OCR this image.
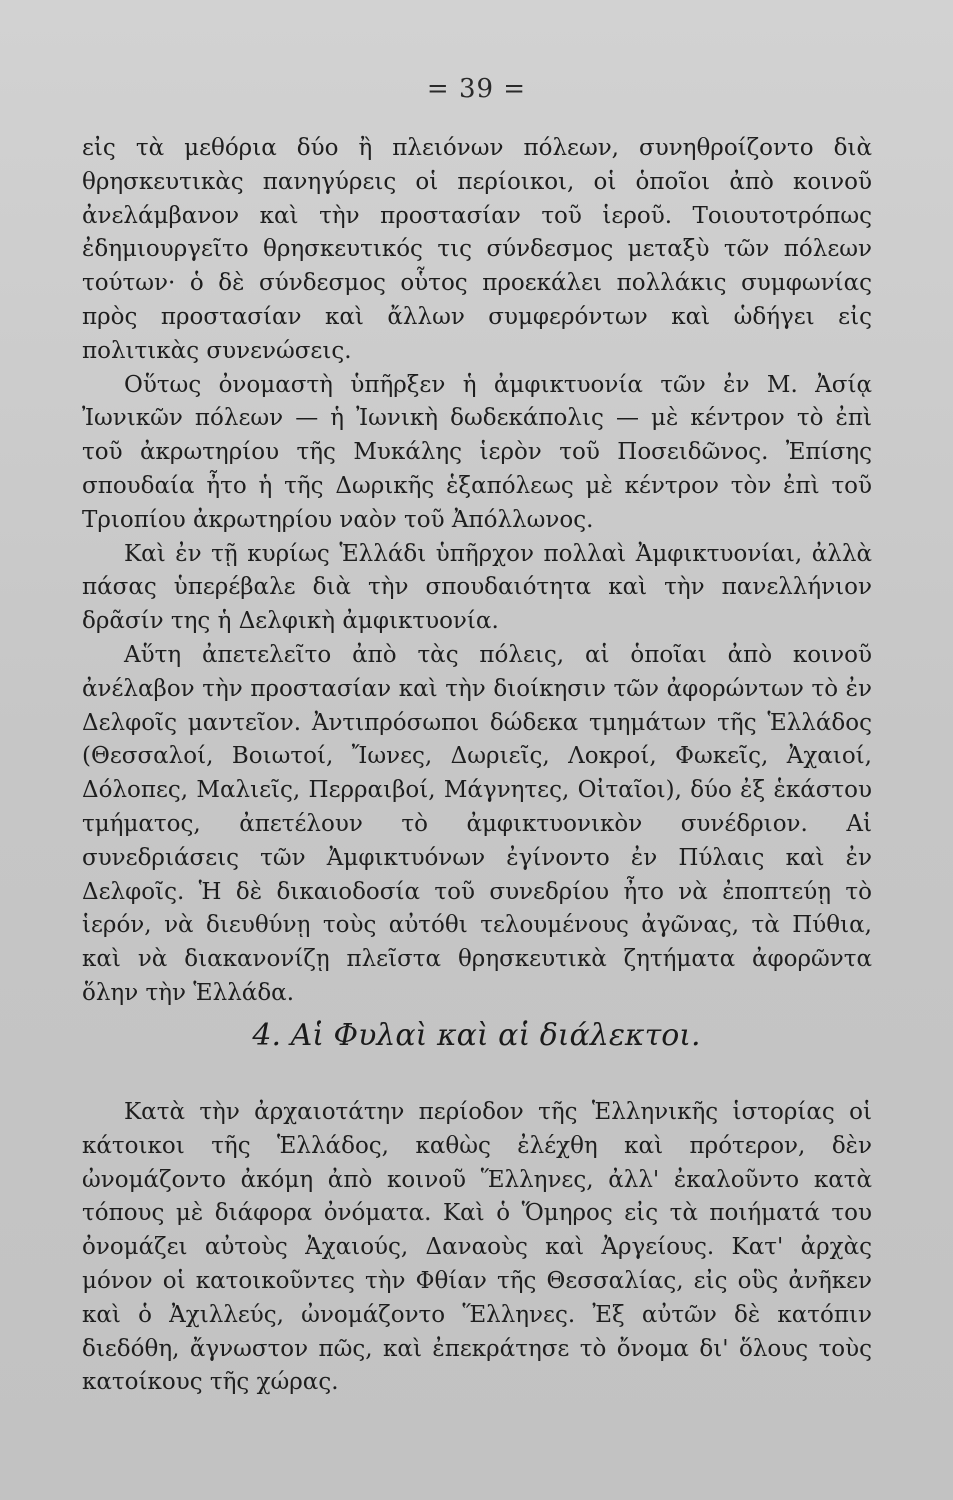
= 39 =

εἰς τὰ μεθόρια δύο ἢ πλειόνων πόλεων, συνηθροίζοντο διὰ θρησκευτικὰς πανηγύρεις οἱ περίοικοι, οἱ ὁποῖοι ἀπὸ κοινοῦ ἀνελάμβανον καὶ τὴν προστασίαν τοῦ ἱεροῦ. Τοιουτοτρόπως ἐδημιουργεῖτο θρησκευτικός τις σύνδεσμος μεταξὺ τῶν πόλεων τούτων· ὁ δὲ σύνδεσμος οὗτος προεκάλει πολλάκις συμφωνίας πρὸς προστασίαν καὶ ἄλλων συμφερόντων καὶ ὡδήγει εἰς πολιτικὰς συνενώσεις.

Οὕτως ὀνομαστὴ ὑπῆρξεν ἡ ἀμφικτυονία τῶν ἐν Μ. Ἀσίᾳ Ἰωνικῶν πόλεων — ἡ Ἰωνικὴ δωδεκάπολις — μὲ κέντρον τὸ ἐπὶ τοῦ ἀκρωτηρίου τῆς Μυκάλης ἱερὸν τοῦ Ποσειδῶνος. Ἐπίσης σπουδαία ἦτο ἡ τῆς Δωρικῆς ἑξαπόλεως μὲ κέντρον τὸν ἐπὶ τοῦ Τριοπίου ἀκρωτηρίου ναὸν τοῦ Ἀπόλλωνος.

Καὶ ἐν τῇ κυρίως Ἑλλάδι ὑπῆρχον πολλαὶ Ἀμφικτυονίαι, ἀλλὰ πάσας ὑπερέβαλε διὰ τὴν σπουδαιότητα καὶ τὴν πανελλήνιον δρᾶσίν της ἡ Δελφικὴ ἀμφικτυονία.

Αὕτη ἀπετελεῖτο ἀπὸ τὰς πόλεις, αἱ ὁποῖαι ἀπὸ κοινοῦ ἀνέλαβον τὴν προστασίαν καὶ τὴν διοίκησιν τῶν ἀφορώντων τὸ ἐν Δελφοῖς μαντεῖον. Ἀντιπρόσωποι δώδεκα τμημάτων τῆς Ἑλλάδος (Θεσσαλοί, Βοιωτοί, Ἴωνες, Δωριεῖς, Λοκροί, Φωκεῖς, Ἀχαιοί, Δόλοπες, Μαλιεῖς, Περραιβοί, Μάγνητες, Οἰταῖοι), δύο ἐξ ἑκάστου τμήματος, ἀπετέλουν τὸ ἀμφικτυονικὸν συνέδριον. Αἱ συνεδριάσεις τῶν Ἀμφικτυόνων ἐγίνοντο ἐν Πύλαις καὶ ἐν Δελφοῖς. Ἡ δὲ δικαιοδοσία τοῦ συνεδρίου ἦτο νὰ ἐποπτεύῃ τὸ ἱερόν, νὰ διευθύνῃ τοὺς αὐτόθι τελουμένους ἀγῶνας, τὰ Πύθια, καὶ νὰ διακανονίζῃ πλεῖστα θρησκευτικὰ ζητήματα ἀφορῶντα ὅλην τὴν Ἑλλάδα.

4. Αἱ Φυλαὶ καὶ αἱ διάλεκτοι.

Κατὰ τὴν ἀρχαιοτάτην περίοδον τῆς Ἑλληνικῆς ἱστορίας οἱ κάτοικοι τῆς Ἑλλάδος, καθὼς ἐλέχθη καὶ πρότερον, δὲν ὠνομάζοντο ἀκόμη ἀπὸ κοινοῦ Ἕλληνες, ἀλλ' ἐκαλοῦντο κατὰ τόπους μὲ διάφορα ὀνόματα. Καὶ ὁ Ὅμηρος εἰς τὰ ποιήματά του ὀνομάζει αὐτοὺς Ἀχαιούς, Δαναοὺς καὶ Ἀργείους. Κατ' ἀρχὰς μόνον οἱ κατοικοῦντες τὴν Φθίαν τῆς Θεσσαλίας, εἰς οὓς ἀνῆκεν καὶ ὁ Ἀχιλλεύς, ὠνομάζοντο Ἕλληνες. Ἐξ αὐτῶν δὲ κατόπιν διεδόθη, ἄγνωστον πῶς, καὶ ἐπεκράτησε τὸ ὄνομα δι' ὅλους τοὺς κατοίκους τῆς χώρας.
